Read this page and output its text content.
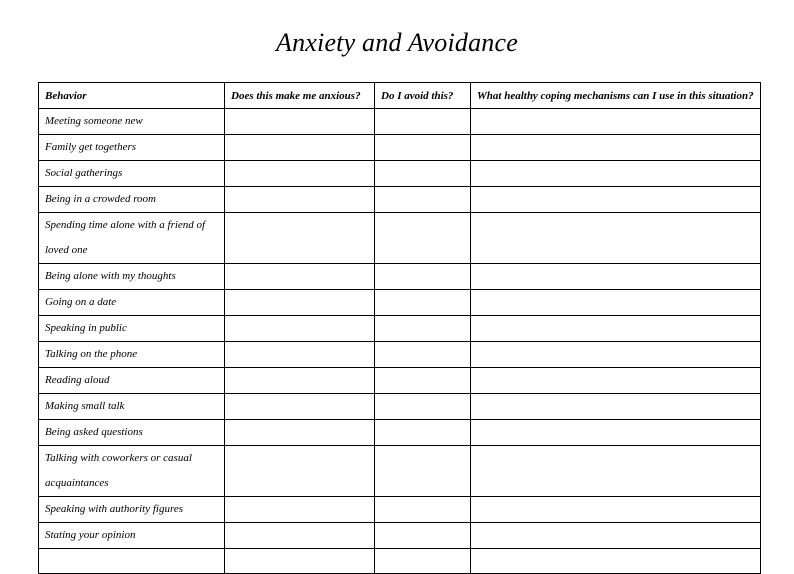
Anxiety and Avoidance
Behavior	Does this make me anxious?	Do I avoid this?	What healthy coping mechanisms can I use in this situation?
Meeting someone new			
Family get togethers			
Social gatherings			
Being in a crowded room			
Spending time alone with a friend of loved one			
Being alone with my thoughts			
Going on a date			
Speaking in public			
Talking on the phone			
Reading aloud			
Making small talk			
Being asked questions			
Talking with coworkers or casual acquaintances			
Speaking with authority figures			
Stating your opinion			
